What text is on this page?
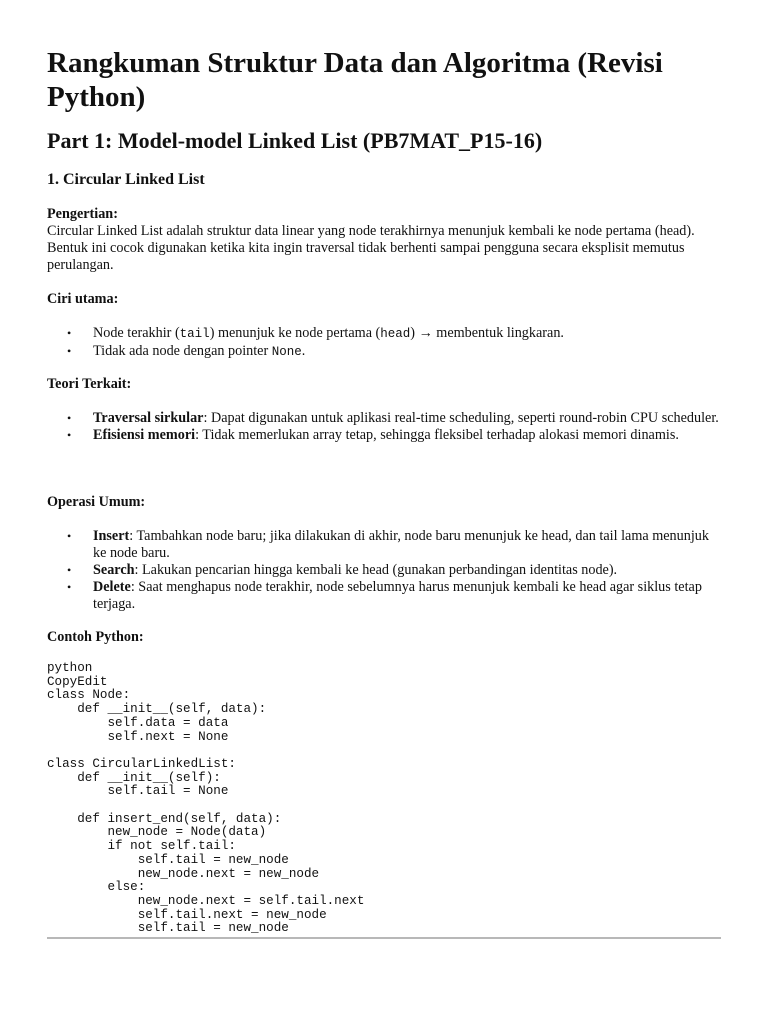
Rangkuman Struktur Data dan Algoritma (Revisi Python)
Part 1: Model-model Linked List (PB7MAT_P15-16)
1. Circular Linked List
Pengertian:
Circular Linked List adalah struktur data linear yang node terakhirnya menunjuk kembali ke node pertama (head). Bentuk ini cocok digunakan ketika kita ingin traversal tidak berhenti sampai pengguna secara eksplisit memutus perulangan.
Ciri utama:
• Node terakhir (tail) menunjuk ke node pertama (head) → membentuk lingkaran.
• Tidak ada node dengan pointer None.
Teori Terkait:
• Traversal sirkular: Dapat digunakan untuk aplikasi real-time scheduling, seperti round-robin CPU scheduler.
• Efisiensi memori: Tidak memerlukan array tetap, sehingga fleksibel terhadap alokasi memori dinamis.
Operasi Umum:
• Insert: Tambahkan node baru; jika dilakukan di akhir, node baru menunjuk ke head, dan tail lama menunjuk ke node baru.
• Search: Lakukan pencarian hingga kembali ke head (gunakan perbandingan identitas node).
• Delete: Saat menghapus node terakhir, node sebelumnya harus menunjuk kembali ke head agar siklus tetap terjaga.
Contoh Python:
python
CopyEdit
class Node:
def __init__(self, data):
self.data = data
self.next = None

class CircularLinkedList:
def __init__(self):
self.tail = None

def insert_end(self, data):
new_node = Node(data)
if not self.tail:
self.tail = new_node
new_node.next = new_node
else:
new_node.next = self.tail.next
self.tail.next = new_node
self.tail = new_node
